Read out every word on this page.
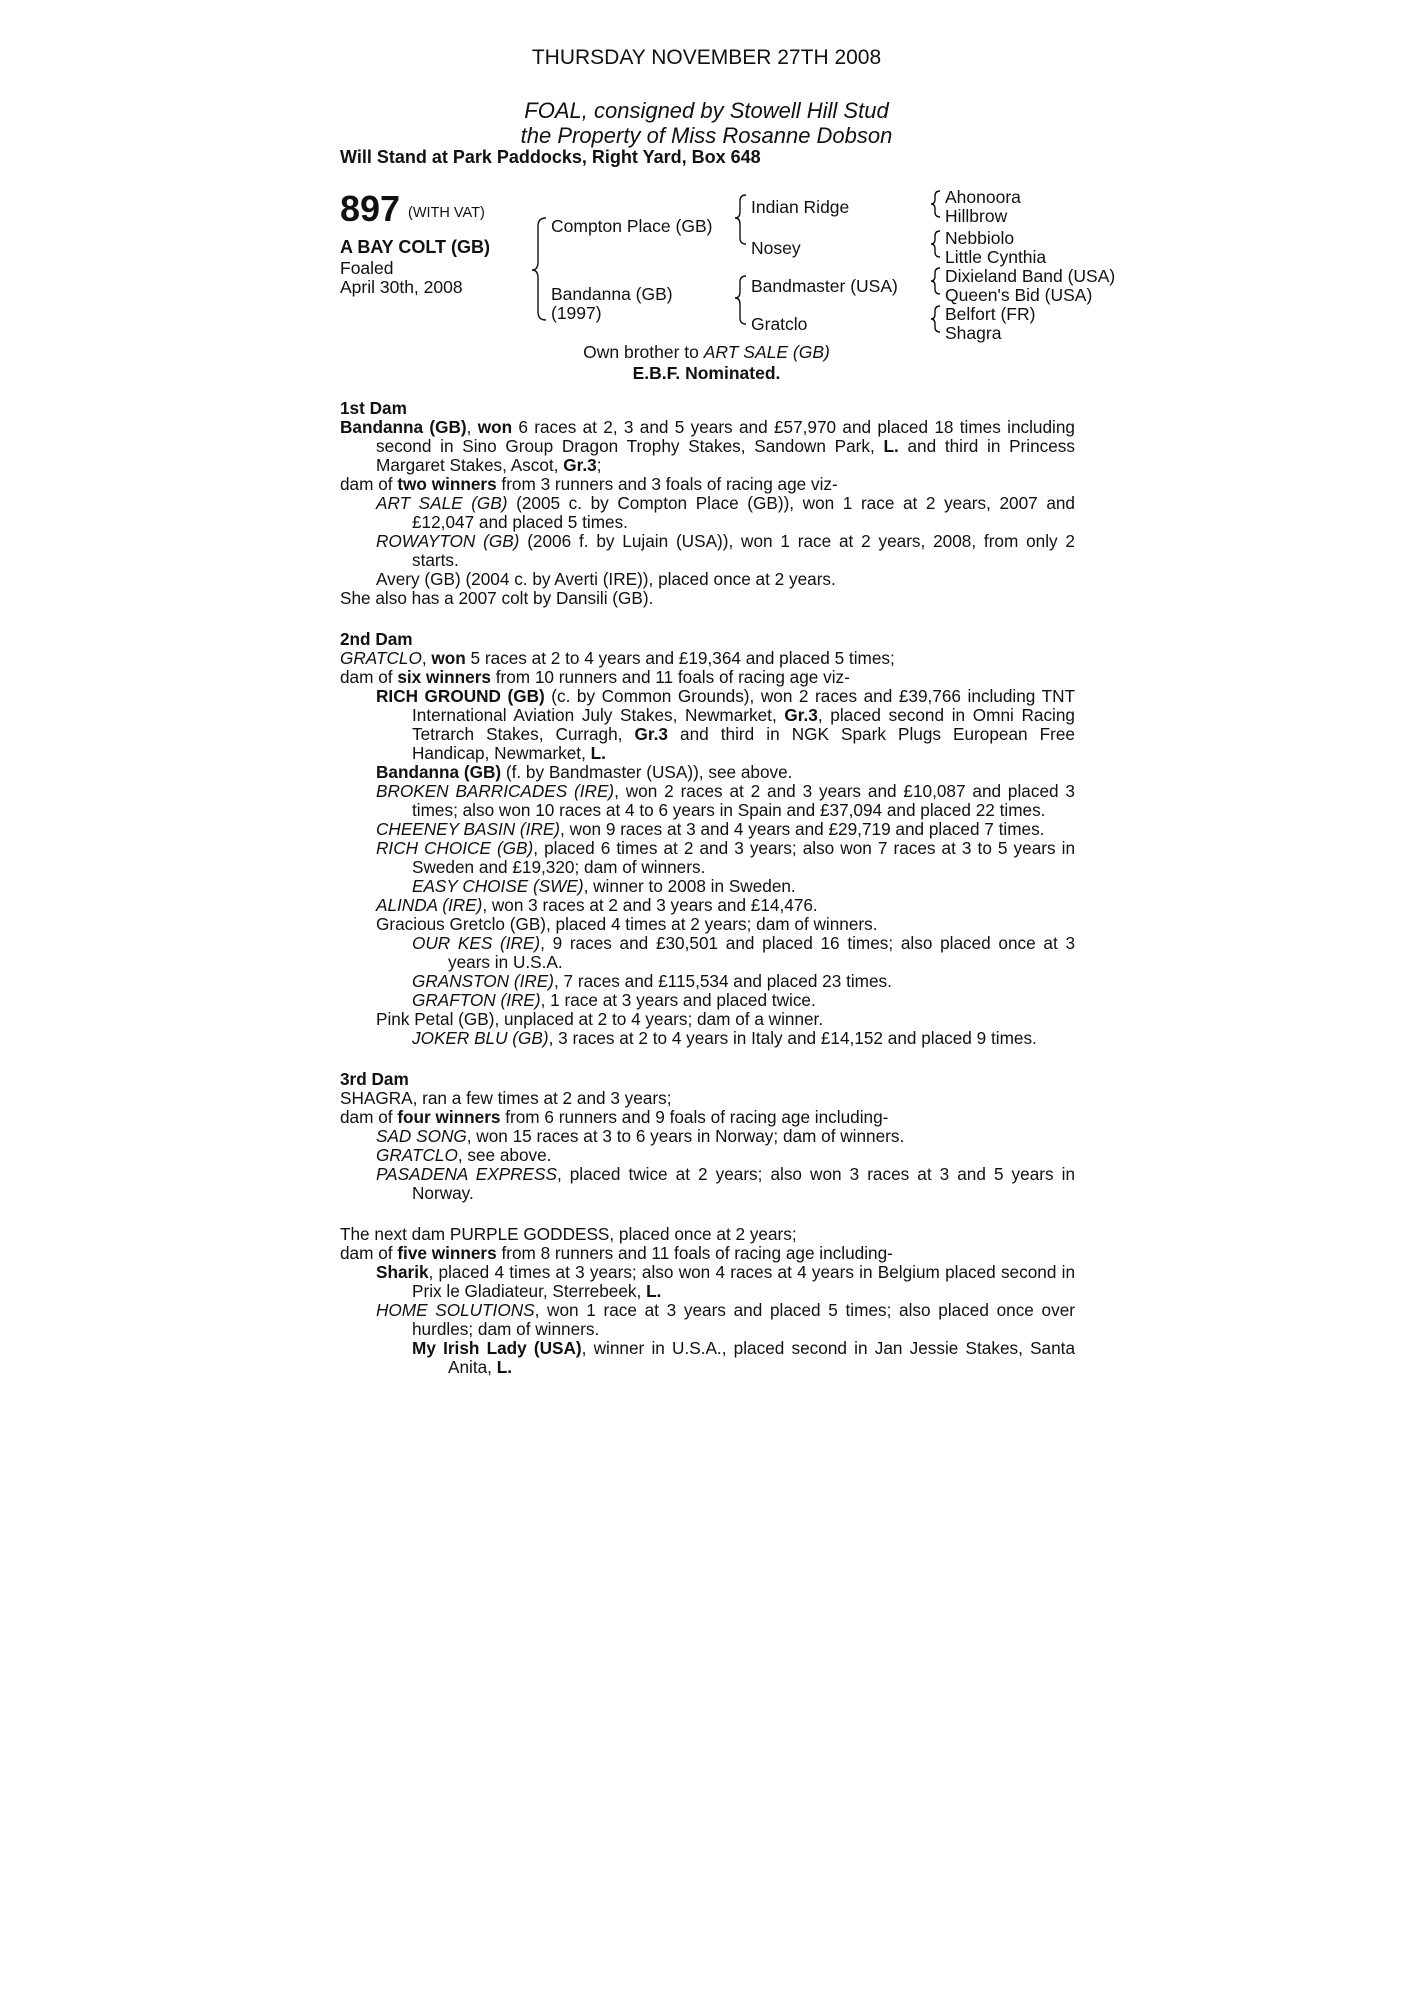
THURSDAY NOVEMBER 27TH 2008
FOAL, consigned by Stowell Hill Stud
the Property of Miss Rosanne Dobson
Will Stand at Park Paddocks, Right Yard, Box 648
897 (WITH VAT)
A BAY COLT (GB)
Foaled
April 30th, 2008
Compton Place (GB)
Bandanna (GB)
(1997)
Indian Ridge
Nosey
Bandmaster (USA)
Gratclo
Ahonoora
Hillbrow
Nebbiolo
Little Cynthia
Dixieland Band (USA)
Queen's Bid (USA)
Belfort (FR)
Shagra
Own brother to ART SALE (GB)
E.B.F. Nominated.
1st Dam
Bandanna (GB), won 6 races at 2, 3 and 5 years and £57,970 and placed 18 times including second in Sino Group Dragon Trophy Stakes, Sandown Park, L. and third in Princess Margaret Stakes, Ascot, Gr.3;
dam of two winners from 3 runners and 3 foals of racing age viz-
ART SALE (GB) (2005 c. by Compton Place (GB)), won 1 race at 2 years, 2007 and £12,047 and placed 5 times.
ROWAYTON (GB) (2006 f. by Lujain (USA)), won 1 race at 2 years, 2008, from only 2 starts.
Avery (GB) (2004 c. by Averti (IRE)), placed once at 2 years.
She also has a 2007 colt by Dansili (GB).
2nd Dam
GRATCLO, won 5 races at 2 to 4 years and £19,364 and placed 5 times;
dam of six winners from 10 runners and 11 foals of racing age viz-
RICH GROUND (GB) (c. by Common Grounds), won 2 races and £39,766 including TNT International Aviation July Stakes, Newmarket, Gr.3, placed second in Omni Racing Tetrarch Stakes, Curragh, Gr.3 and third in NGK Spark Plugs European Free Handicap, Newmarket, L.
Bandanna (GB) (f. by Bandmaster (USA)), see above.
BROKEN BARRICADES (IRE), won 2 races at 2 and 3 years and £10,087 and placed 3 times; also won 10 races at 4 to 6 years in Spain and £37,094 and placed 22 times.
CHEENEY BASIN (IRE), won 9 races at 3 and 4 years and £29,719 and placed 7 times.
RICH CHOICE (GB), placed 6 times at 2 and 3 years; also won 7 races at 3 to 5 years in Sweden and £19,320; dam of winners.
EASY CHOISE (SWE), winner to 2008 in Sweden.
ALINDA (IRE), won 3 races at 2 and 3 years and £14,476.
Gracious Gretclo (GB), placed 4 times at 2 years; dam of winners.
OUR KES (IRE), 9 races and £30,501 and placed 16 times; also placed once at 3 years in U.S.A.
GRANSTON (IRE), 7 races and £115,534 and placed 23 times.
GRAFTON (IRE), 1 race at 3 years and placed twice.
Pink Petal (GB), unplaced at 2 to 4 years; dam of a winner.
JOKER BLU (GB), 3 races at 2 to 4 years in Italy and £14,152 and placed 9 times.
3rd Dam
SHAGRA, ran a few times at 2 and 3 years;
dam of four winners from 6 runners and 9 foals of racing age including-
SAD SONG, won 15 races at 3 to 6 years in Norway; dam of winners.
GRATCLO, see above.
PASADENA EXPRESS, placed twice at 2 years; also won 3 races at 3 and 5 years in Norway.
The next dam PURPLE GODDESS, placed once at 2 years;
dam of five winners from 8 runners and 11 foals of racing age including-
Sharik, placed 4 times at 3 years; also won 4 races at 4 years in Belgium placed second in Prix le Gladiateur, Sterrebeek, L.
HOME SOLUTIONS, won 1 race at 3 years and placed 5 times; also placed once over hurdles; dam of winners.
My Irish Lady (USA), winner in U.S.A., placed second in Jan Jessie Stakes, Santa Anita, L.
